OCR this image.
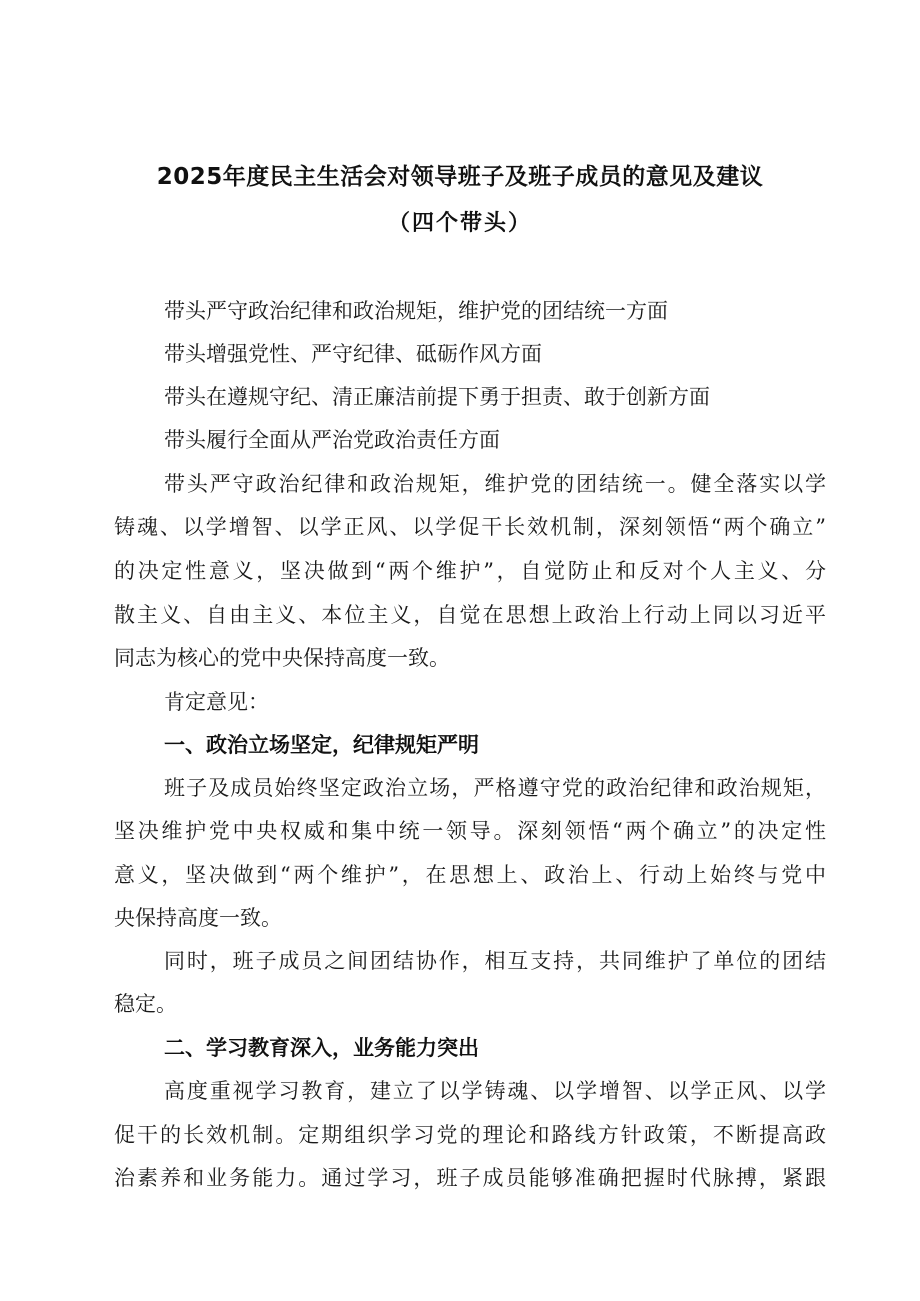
2025年度民主生活会对领导班子及班子成员的意见及建议
（四个带头）
带头严守政治纪律和政治规矩，维护党的团结统一方面
带头增强党性、严守纪律、砥砺作风方面
带头在遵规守纪、清正廉洁前提下勇于担责、敢于创新方面
带头履行全面从严治党政治责任方面
带头严守政治纪律和政治规矩，维护党的团结统一。健全落实以学
铸魂、以学增智、以学正风、以学促干长效机制，深刻领悟“两个确立”
的决定性意义，坚决做到“两个维护”，自觉防止和反对个人主义、分
散主义、自由主义、本位主义，自觉在思想上政治上行动上同以习近平
同志为核心的党中央保持高度一致。
肯定意见：
一、政治立场坚定，纪律规矩严明
班子及成员始终坚定政治立场，严格遵守党的政治纪律和政治规矩，
坚决维护党中央权威和集中统一领导。深刻领悟“两个确立”的决定性
意义，坚决做到“两个维护”，在思想上、政治上、行动上始终与党中
央保持高度一致。
同时，班子成员之间团结协作，相互支持，共同维护了单位的团结
稳定。
二、学习教育深入，业务能力突出
高度重视学习教育，建立了以学铸魂、以学增智、以学正风、以学
促干的长效机制。定期组织学习党的理论和路线方针政策，不断提高政
治素养和业务能力。通过学习，班子成员能够准确把握时代脉搏，紧跟
